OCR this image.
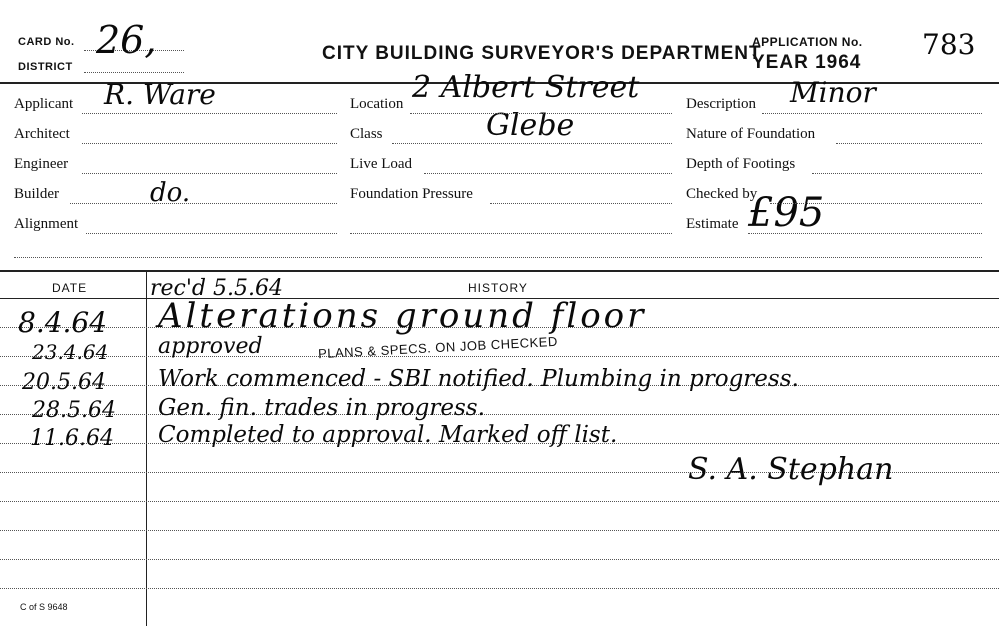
CARD No. 26,
DISTRICT
CITY BUILDING SURVEYOR'S DEPARTMENT
APPLICATION No. 783
YEAR 1964
Applicant R. Ware
Architect
Engineer
Builder	do.
Alignment
Location 2 Albert Street
Class	Glebe
Live Load
Foundation Pressure
Description Minor
Nature of Foundation
Depth of Footings
Checked by
Estimate £95
DATE	HISTORY
rec'd 5.5.64
8.4.64 Alterations ground floor
23.4.64 approved	PLANS & SPECS. ON JOB CHECKED
20.5.64 Work commenced - SBI notified. Plumbing in progress.
28.5.64 Gen. fin. trades in progress.
11.6.64 Completed to approval. Marked off list.
S. A. Stephan
C of S 9648
